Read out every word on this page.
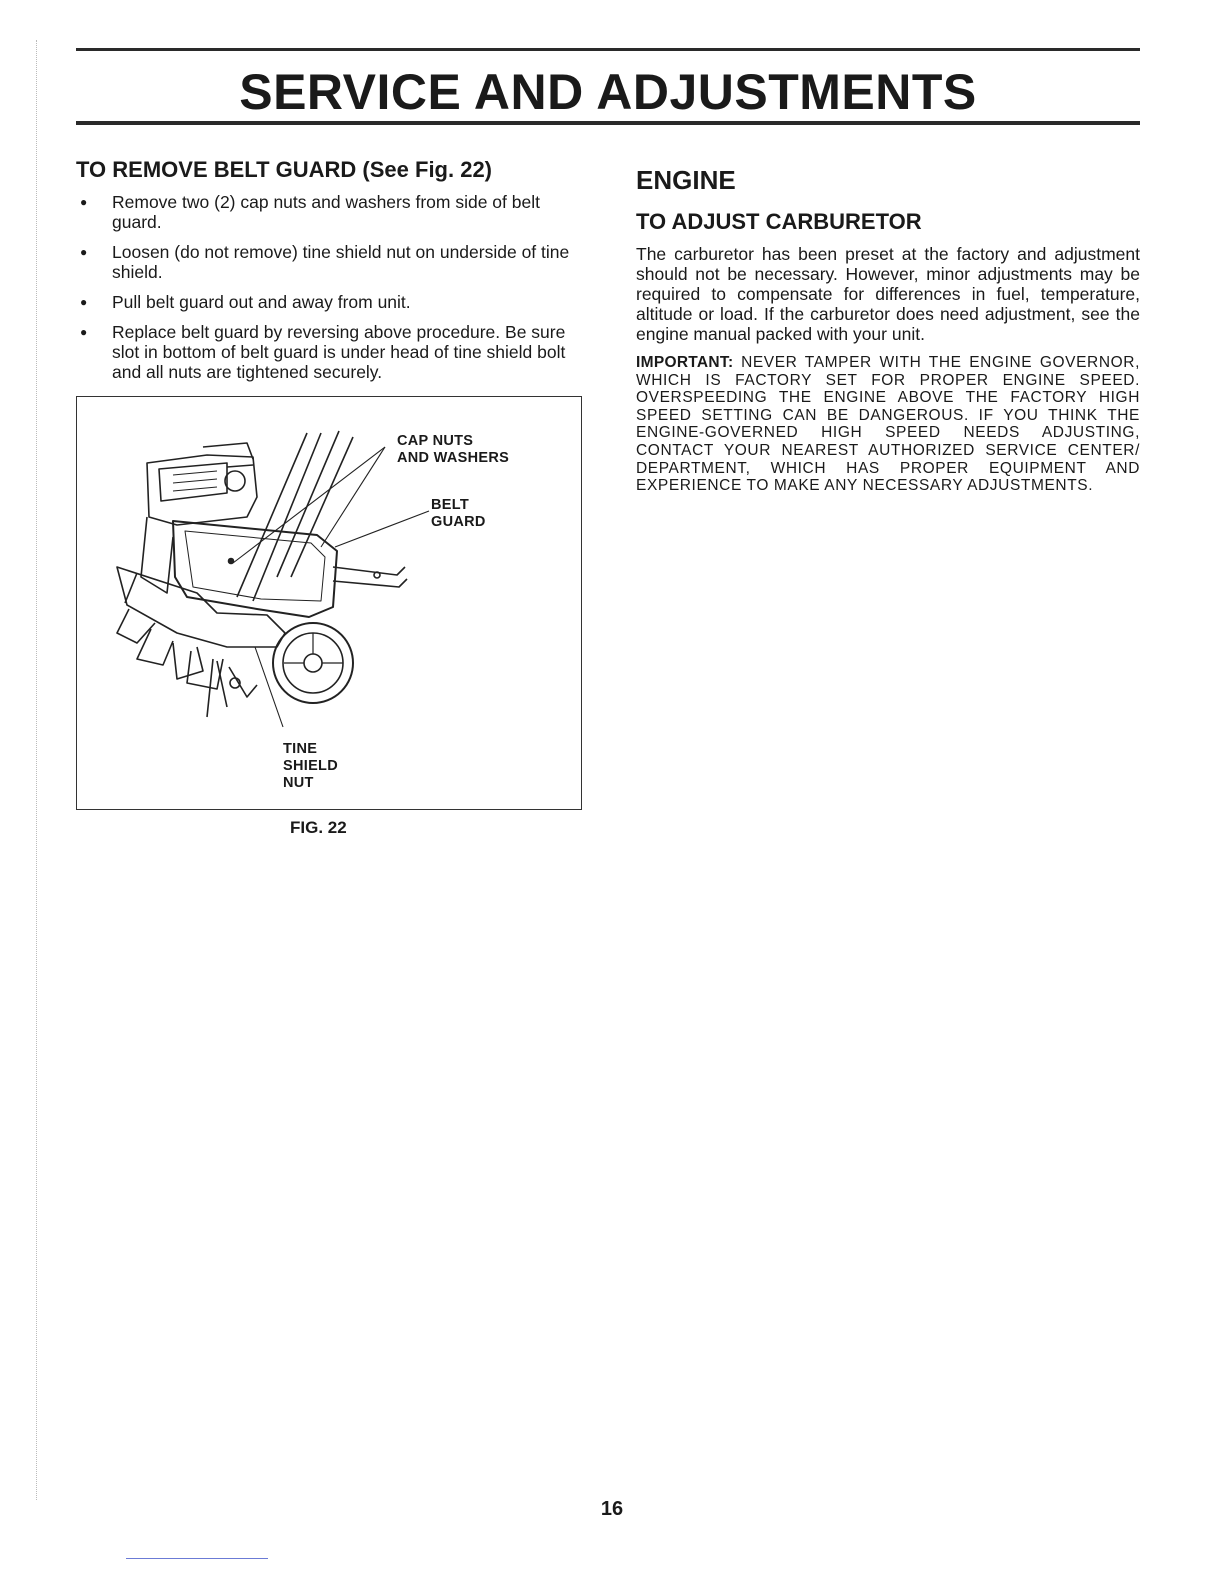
SERVICE AND ADJUSTMENTS
TO REMOVE BELT GUARD (See Fig. 22)
● Remove two (2) cap nuts and washers from side of belt guard.
● Loosen (do not remove) tine shield nut on underside of tine shield.
● Pull belt guard out and away from unit.
● Replace belt guard by reversing above procedure. Be sure slot in bottom of belt guard is under head of tine shield bolt and all nuts are tightened securely.
CAP NUTS
AND WASHERS
BELT
GUARD
TINE
SHIELD
NUT
FIG. 22
ENGINE
TO ADJUST CARBURETOR

The carburetor has been preset at the factory and adjustment should not be necessary. However, minor adjustments may be required to compensate for differences in fuel, temperature, altitude or load. If the carburetor does need adjustment, see the engine manual packed with your unit.

IMPORTANT: NEVER TAMPER WITH THE ENGINE GOVERNOR, WHICH IS FACTORY SET FOR PROPER ENGINE SPEED. OVERSPEEDING THE ENGINE ABOVE THE FACTORY HIGH SPEED SETTING CAN BE DANGEROUS. IF YOU THINK THE ENGINE-GOVERNED HIGH SPEED NEEDS ADJUSTING, CONTACT YOUR NEAREST AUTHORIZED SERVICE CENTER/ DEPARTMENT, WHICH HAS PROPER EQUIPMENT AND EXPERIENCE TO MAKE ANY NECESSARY ADJUSTMENTS.

16
